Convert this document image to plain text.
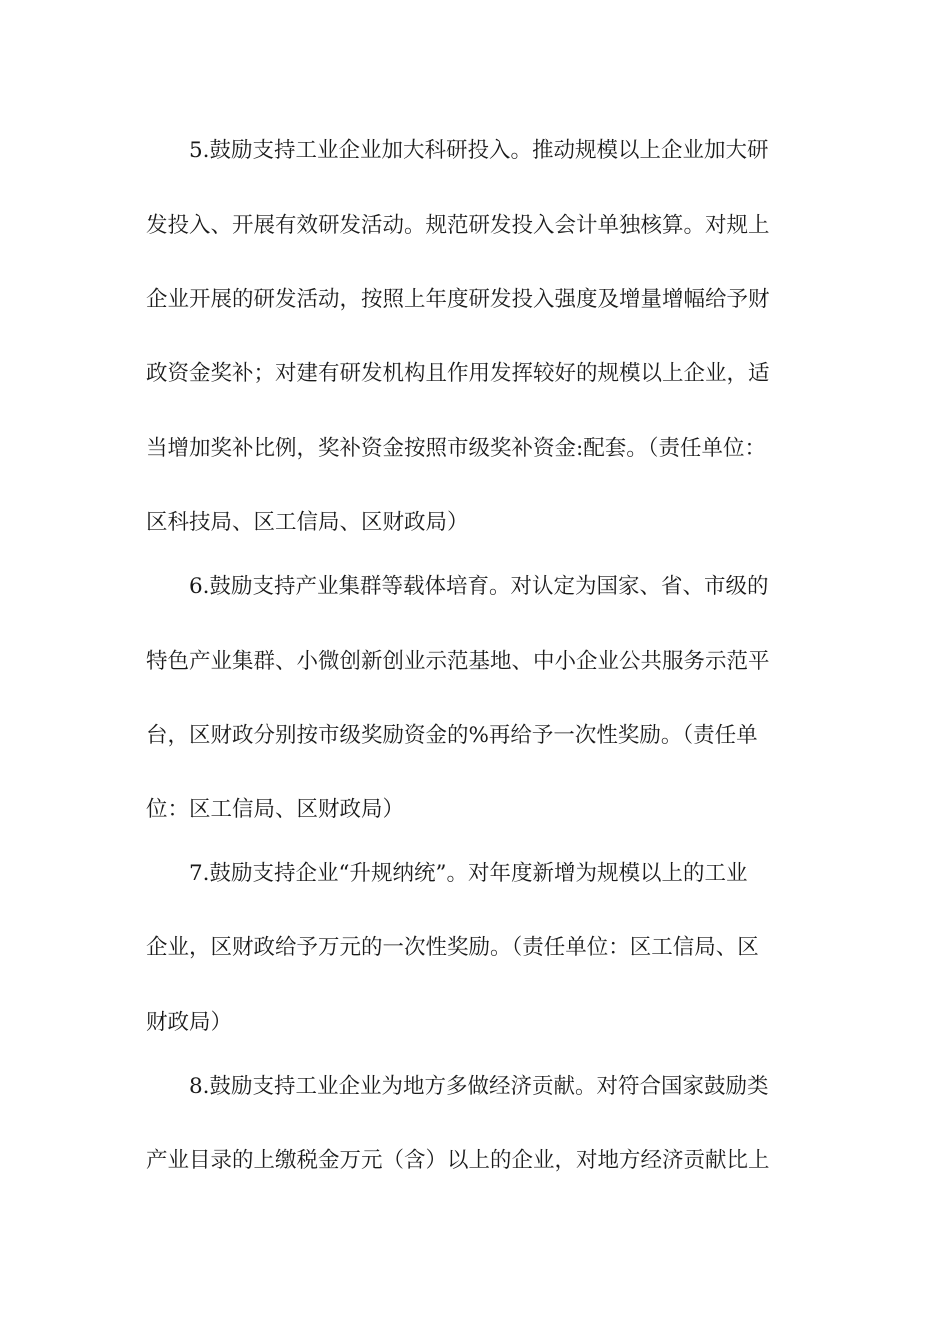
5.鼓励支持工业企业加大科研投入。推动规模以上企业加大研
发投入、开展有效研发活动。规范研发投入会计单独核算。对规上
企业开展的研发活动，按照上年度研发投入强度及增量增幅给予财
政资金奖补；对建有研发机构且作用发挥较好的规模以上企业，适
当增加奖补比例，奖补资金按照市级奖补资金:配套。（责任单位：
区科技局、区工信局、区财政局）
6.鼓励支持产业集群等载体培育。对认定为国家、省、市级的
特色产业集群、小微创新创业示范基地、中小企业公共服务示范平
台，区财政分别按市级奖励资金的%再给予一次性奖励。（责任单
位：区工信局、区财政局）
7.鼓励支持企业“升规纳统”。对年度新增为规模以上的工业
企业，区财政给予万元的一次性奖励。（责任单位：区工信局、区
财政局）
8.鼓励支持工业企业为地方多做经济贡献。对符合国家鼓励类
产业目录的上缴税金万元（含）以上的企业，对地方经济贡献比上
